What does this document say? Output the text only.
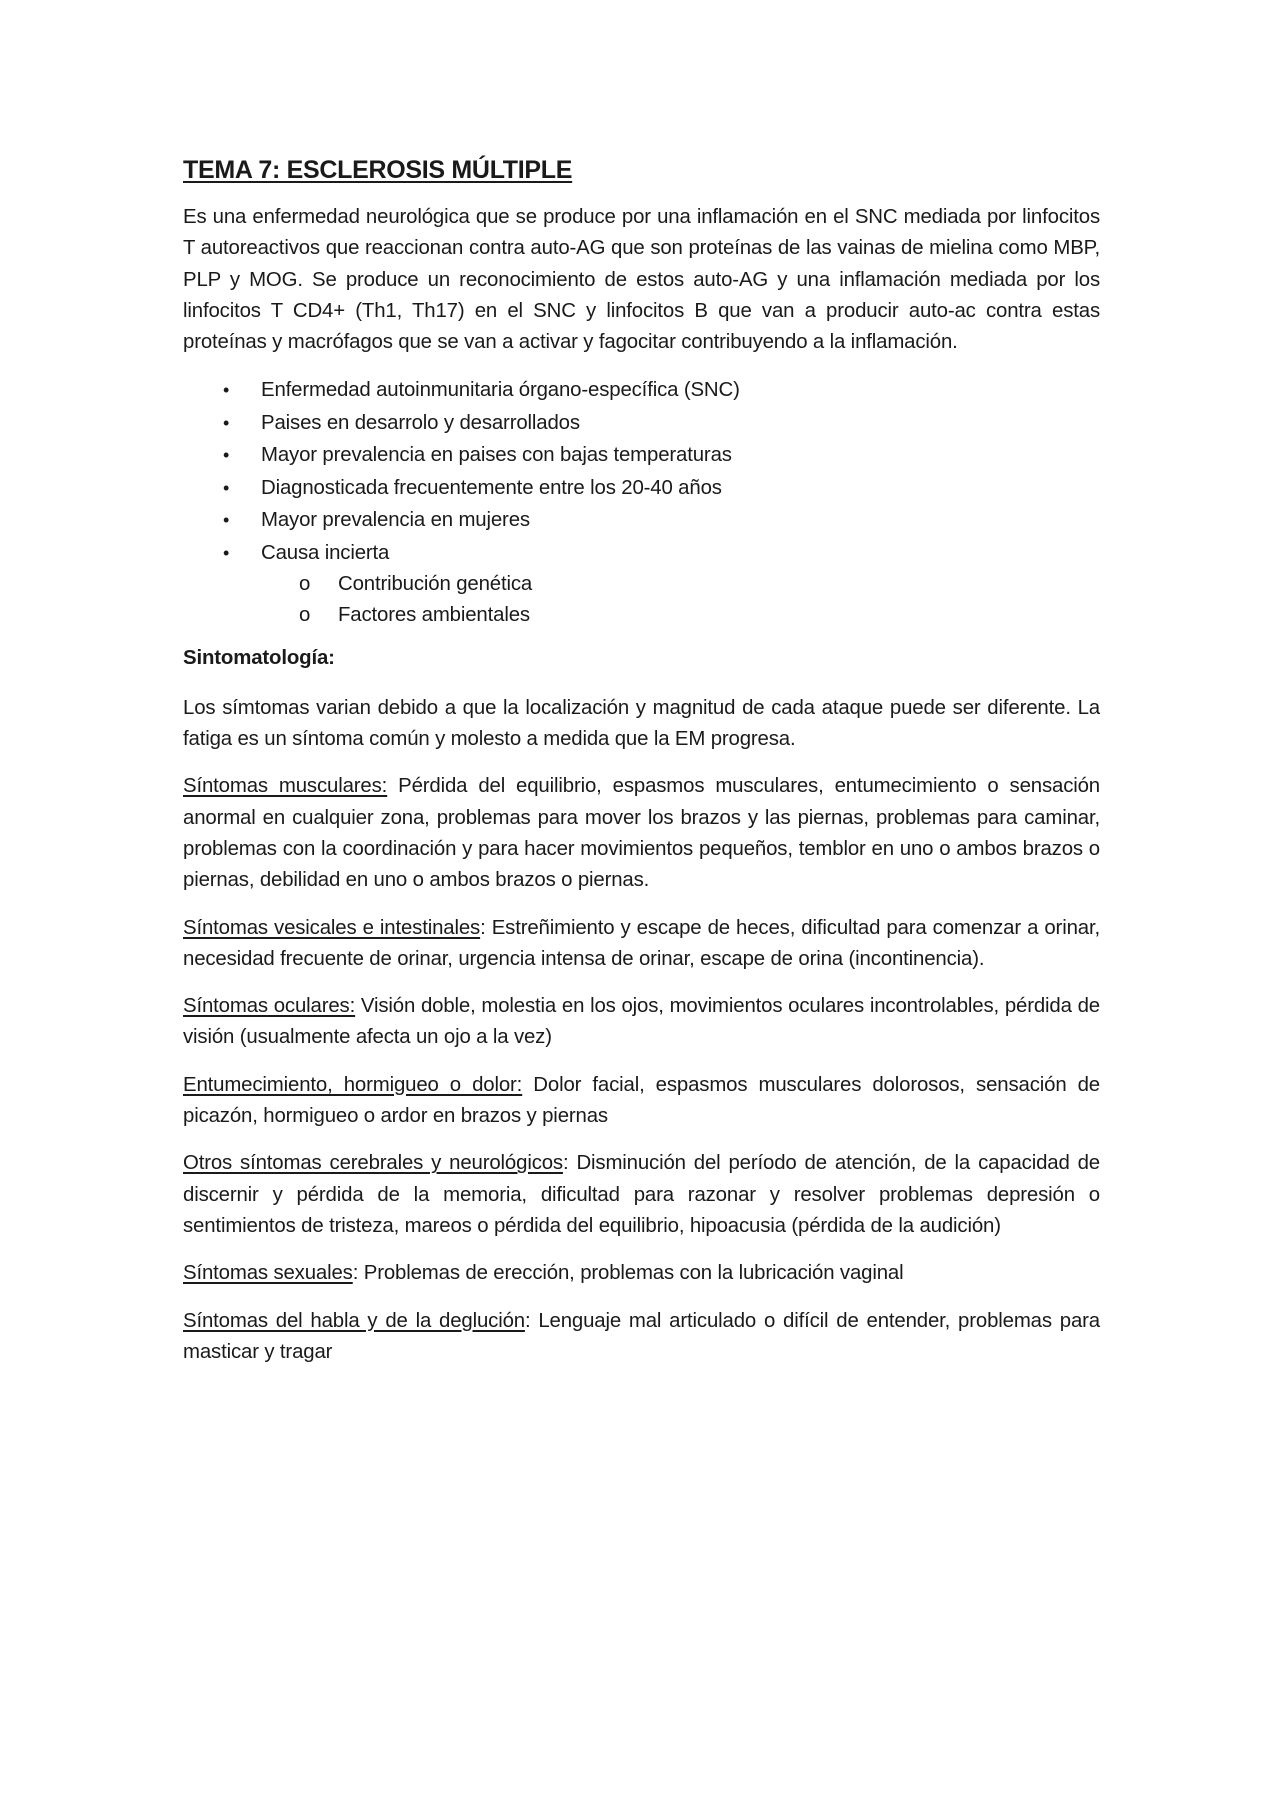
TEMA 7: ESCLEROSIS MÚLTIPLE

Es una enfermedad neurológica que se produce por una inflamación en el SNC mediada por linfocitos T autoreactivos que reaccionan contra auto-AG que son proteínas de las vainas de mielina como MBP, PLP y MOG. Se produce un reconocimiento de estos auto-AG y una inflamación mediada por los linfocitos T CD4+ (Th1, Th17) en el SNC y linfocitos B que van a producir auto-ac contra estas proteínas y macrófagos que se van a activar y fagocitar contribuyendo a la inflamación.

• Enfermedad autoinmunitaria órgano-específica (SNC)
• Paises en desarrolo y desarrollados
• Mayor prevalencia en paises con bajas temperaturas
• Diagnosticada frecuentemente entre los 20-40 años
• Mayor prevalencia en mujeres
• Causa incierta
o Contribución genética
o Factores ambientales

Sintomatología:

Los símtomas varian debido a que la localización y magnitud de cada ataque puede ser diferente. La fatiga es un síntoma común y molesto a medida que la EM progresa.

Síntomas musculares: Pérdida del equilibrio, espasmos musculares, entumecimiento o sensación anormal en cualquier zona, problemas para mover los brazos y las piernas, problemas para caminar, problemas con la coordinación y para hacer movimientos pequeños, temblor en uno o ambos brazos o piernas, debilidad en uno o ambos brazos o piernas.

Síntomas vesicales e intestinales: Estreñimiento y escape de heces, dificultad para comenzar a orinar, necesidad frecuente de orinar, urgencia intensa de orinar, escape de orina (incontinencia).

Síntomas oculares: Visión doble, molestia en los ojos, movimientos oculares incontrolables, pérdida de visión (usualmente afecta un ojo a la vez)

Entumecimiento, hormigueo o dolor: Dolor facial, espasmos musculares dolorosos, sensación de picazón, hormigueo o ardor en brazos y piernas

Otros síntomas cerebrales y neurológicos: Disminución del período de atención, de la capacidad de discernir y pérdida de la memoria, dificultad para razonar y resolver problemas depresión o sentimientos de tristeza, mareos o pérdida del equilibrio, hipoacusia (pérdida de la audición)

Síntomas sexuales: Problemas de erección, problemas con la lubricación vaginal

Síntomas del habla y de la deglución: Lenguaje mal articulado o difícil de entender, problemas para masticar y tragar
